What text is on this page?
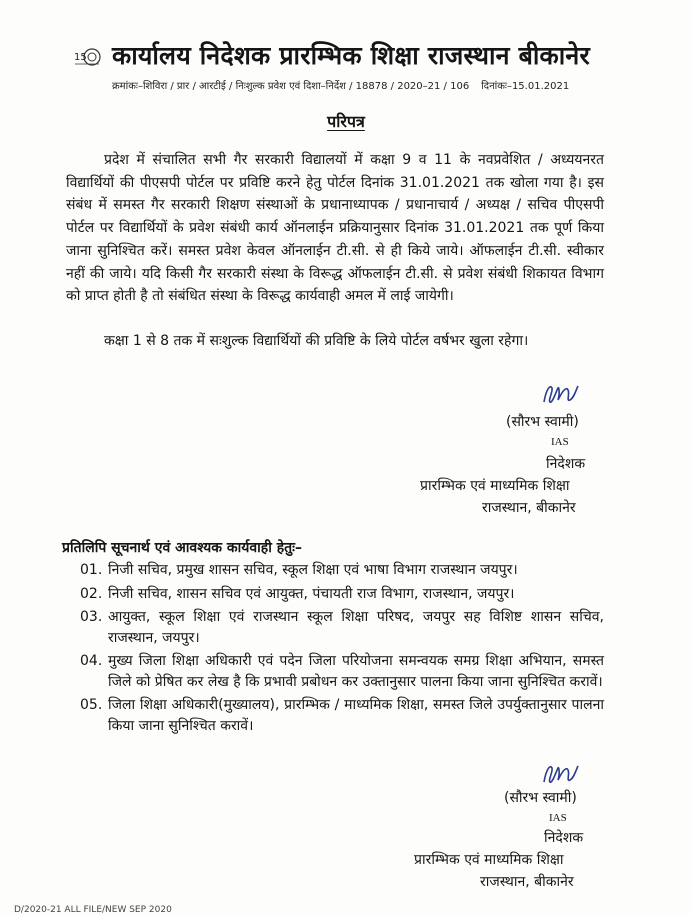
15 कार्यालय निदेशक प्रारम्भिक शिक्षा राजस्थान बीकानेर
क्रमांकः–शिविरा / प्रार / आरटीई / निःशुल्क प्रवेश एवं दिशा–निर्देश / 18878 / 2020–21 / 106 दिनांकः–15.01.2021
परिपत्र
प्रदेश में संचालित सभी गैर सरकारी विद्यालयों में कक्षा 9 व 11 के नवप्रवेशित / अध्ययनरत विद्यार्थियों की पीएसपी पोर्टल पर प्रविष्टि करने हेतु पोर्टल दिनांक 31.01.2021 तक खोला गया है। इस संबंध में समस्त गैर सरकारी शिक्षण संस्थाओं के प्रधानाध्यापक / प्रधानाचार्य / अध्यक्ष / सचिव पीएसपी पोर्टल पर विद्यार्थियों के प्रवेश संबंधी कार्य ऑनलाईन प्रक्रियानुसार दिनांक 31.01.2021 तक पूर्ण किया जाना सुनिश्चित करें। समस्त प्रवेश केवल ऑनलाईन टी.सी. से ही किये जाये। ऑफलाईन टी.सी. स्वीकार नहीं की जाये। यदि किसी गैर सरकारी संस्था के विरूद्ध ऑफलाईन टी.सी. से प्रवेश संबंधी शिकायत विभाग को प्राप्त होती है तो संबंधित संस्था के विरूद्ध कार्यवाही अमल में लाई जायेगी।
कक्षा 1 से 8 तक में सःशुल्क विद्यार्थियों की प्रविष्टि के लिये पोर्टल वर्षभर खुला रहेगा।
(सौरभ स्वामी)
IAS
निदेशक
प्रारम्भिक एवं माध्यमिक शिक्षा
राजस्थान, बीकानेर
प्रतिलिपि सूचनार्थ एवं आवश्यक कार्यवाही हेतुः–
01. निजी सचिव, प्रमुख शासन सचिव, स्कूल शिक्षा एवं भाषा विभाग राजस्थान जयपुर।
02. निजी सचिव, शासन सचिव एवं आयुक्त, पंचायती राज विभाग, राजस्थान, जयपुर।
03. आयुक्त, स्कूल शिक्षा एवं राजस्थान स्कूल शिक्षा परिषद, जयपुर सह विशिष्ट शासन सचिव, राजस्थान, जयपुर।
04. मुख्य जिला शिक्षा अधिकारी एवं पदेन जिला परियोजना समन्वयक समग्र शिक्षा अभियान, समस्त जिले को प्रेषित कर लेख है कि प्रभावी प्रबोधन कर उक्तानुसार पालना किया जाना सुनिश्चित करावें।
05. जिला शिक्षा अधिकारी(मुख्यालय), प्रारम्भिक / माध्यमिक शिक्षा, समस्त जिले उपर्युक्तानुसार पालना किया जाना सुनिश्चित करावें।
(सौरभ स्वामी)
IAS
निदेशक
प्रारम्भिक एवं माध्यमिक शिक्षा
राजस्थान, बीकानेर
D/2020-21 ALL FILE/NEW SEP 2020
